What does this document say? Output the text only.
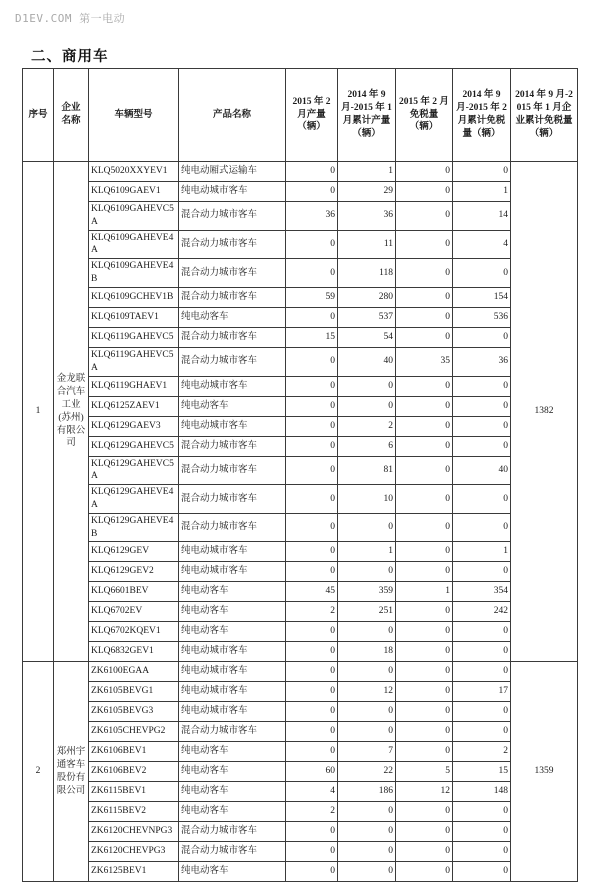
D1EV.COM 第一电动
二、商用车
序号	企业名称	车辆型号	产品名称	2015 年 2 月产量（辆）	2014 年 9 月-2015 年 1 月累计产量（辆）	2015 年 2 月免税量（辆）	2014 年 9 月-2015 年 2 月累计免税量（辆）	2014 年 9 月-2015 年 1 月企业累计免税量（辆）
1	金龙联合汽车工业(苏州)有限公司	KLQ5020XXYEV1	纯电动厢式运输车	0	1	0	0	1382
		KLQ6109GAEV1	纯电动城市客车	0	29	0	1	
		KLQ6109GAHEVC5A	混合动力城市客车	36	36	0	14	
		KLQ6109GAHEVE4A	混合动力城市客车	0	11	0	4	
		KLQ6109GAHEVE4B	混合动力城市客车	0	118	0	0	
		KLQ6109GCHEV1B	混合动力城市客车	59	280	0	154	
		KLQ6109TAEV1	纯电动客车	0	537	0	536	
		KLQ6119GAHEVC5	混合动力城市客车	15	54	0	0	
		KLQ6119GAHEVC5A	混合动力城市客车	0	40	35	36	
		KLQ6119GHAEV1	纯电动城市客车	0	0	0	0	
		KLQ6125ZAEV1	纯电动客车	0	0	0	0	
		KLQ6129GAEV3	纯电动城市客车	0	2	0	0	
		KLQ6129GAHEVC5	混合动力城市客车	0	6	0	0	
		KLQ6129GAHEVC5A	混合动力城市客车	0	81	0	40	
		KLQ6129GAHEVE4A	混合动力城市客车	0	10	0	0	
		KLQ6129GAHEVE4B	混合动力城市客车	0	0	0	0	
		KLQ6129GEV	纯电动城市客车	0	1	0	1	
		KLQ6129GEV2	纯电动城市客车	0	0	0	0	
		KLQ6601BEV	纯电动客车	45	359	1	354	
		KLQ6702EV	纯电动客车	2	251	0	242	
		KLQ6702KQEV1	纯电动客车	0	0	0	0	
		KLQ6832GEV1	纯电动城市客车	0	18	0	0	
2	郑州宇通客车股份有限公司	ZK6100EGAA	纯电动城市客车	0	0	0	0	1359
		ZK6105BEVG1	纯电动城市客车	0	12	0	17	
		ZK6105BEVG3	纯电动城市客车	0	0	0	0	
		ZK6105CHEVPG2	混合动力城市客车	0	0	0	0	
		ZK6106BEV1	纯电动客车	0	7	0	2	
		ZK6106BEV2	纯电动客车	60	22	5	15	
		ZK6115BEV1	纯电动客车	4	186	12	148	
		ZK6115BEV2	纯电动客车	2	0	0	0	
		ZK6120CHEVNPG3	混合动力城市客车	0	0	0	0	
		ZK6120CHEVPG3	混合动力城市客车	0	0	0	0	
		ZK6125BEV1	纯电动客车	0	0	0	0	
